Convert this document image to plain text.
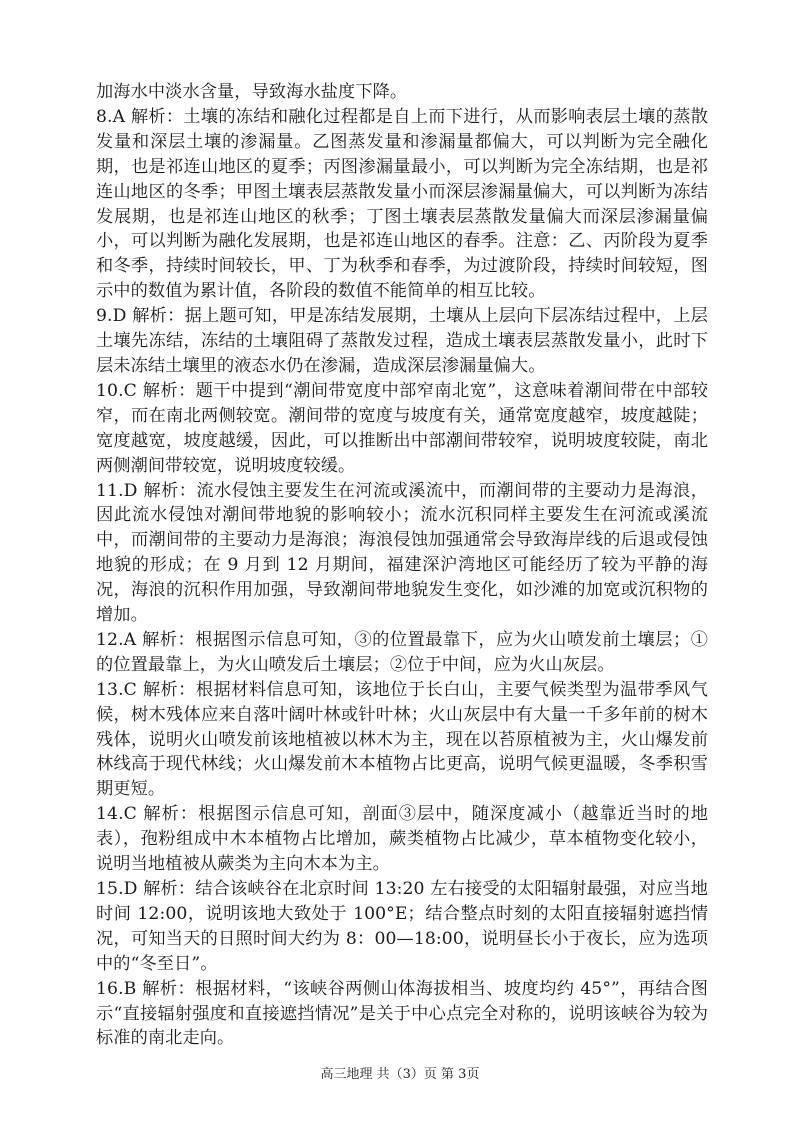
加海水中淡水含量，导致海水盐度下降。

8.A 解析：土壤的冻结和融化过程都是自上而下进行，从而影响表层土壤的蒸散发量和深层土壤的渗漏量。乙图蒸发量和渗漏量都偏大，可以判断为完全融化期，也是祁连山地区的夏季；丙图渗漏量最小，可以判断为完全冻结期，也是祁连山地区的冬季；甲图土壤表层蒸散发量小而深层渗漏量偏大，可以判断为冻结发展期，也是祁连山地区的秋季；丁图土壤表层蒸散发量偏大而深层渗漏量偏小，可以判断为融化发展期，也是祁连山地区的春季。注意：乙、丙阶段为夏季和冬季，持续时间较长，甲、丁为秋季和春季，为过渡阶段，持续时间较短，图示中的数值为累计值，各阶段的数值不能简单的相互比较。

9.D 解析：据上题可知，甲是冻结发展期，土壤从上层向下层冻结过程中，上层土壤先冻结，冻结的土壤阻碍了蒸散发过程，造成土壤表层蒸散发量小，此时下层未冻结土壤里的液态水仍在渗漏，造成深层渗漏量偏大。

10.C 解析：题干中提到“潮间带宽度中部窄南北宽”，这意味着潮间带在中部较窄，而在南北两侧较宽。潮间带的宽度与坡度有关，通常宽度越窄，坡度越陡；宽度越宽，坡度越缓，因此，可以推断出中部潮间带较窄，说明坡度较陡，南北两侧潮间带较宽，说明坡度较缓。

11.D 解析：流水侵蚀主要发生在河流或溪流中，而潮间带的主要动力是海浪，因此流水侵蚀对潮间带地貌的影响较小；流水沉积同样主要发生在河流或溪流中，而潮间带的主要动力是海浪；海浪侵蚀加强通常会导致海岸线的后退或侵蚀地貌的形成；在 9 月到 12 月期间，福建深沪湾地区可能经历了较为平静的海况，海浪的沉积作用加强，导致潮间带地貌发生变化，如沙滩的加宽或沉积物的增加。

12.A 解析：根据图示信息可知，③的位置最靠下，应为火山喷发前土壤层；①的位置最靠上，为火山喷发后土壤层；②位于中间，应为火山灰层。

13.C 解析：根据材料信息可知，该地位于长白山，主要气候类型为温带季风气候，树木残体应来自落叶阔叶林或针叶林；火山灰层中有大量一千多年前的树木残体，说明火山喷发前该地植被以林木为主，现在以苔原植被为主，火山爆发前林线高于现代林线；火山爆发前木本植物占比更高，说明气候更温暖，冬季积雪期更短。

14.C 解析：根据图示信息可知，剖面③层中，随深度减小（越靠近当时的地表），孢粉组成中木本植物占比增加，蕨类植物占比减少，草本植物变化较小，说明当地植被从蕨类为主向木本为主。

15.D 解析：结合该峡谷在北京时间 13:20 左右接受的太阳辐射最强，对应当地时间 12:00，说明该地大致处于 100°E；结合整点时刻的太阳直接辐射遮挡情况，可知当天的日照时间大约为 8：00—18:00，说明昼长小于夜长，应为选项中的“冬至日”。

16.B 解析：根据材料，“该峡谷两侧山体海拔相当、坡度均约 45°”，再结合图示“直接辐射强度和直接遮挡情况”是关于中心点完全对称的，说明该峡谷为较为标准的南北走向。

高三地理 共（3）页 第 3页
